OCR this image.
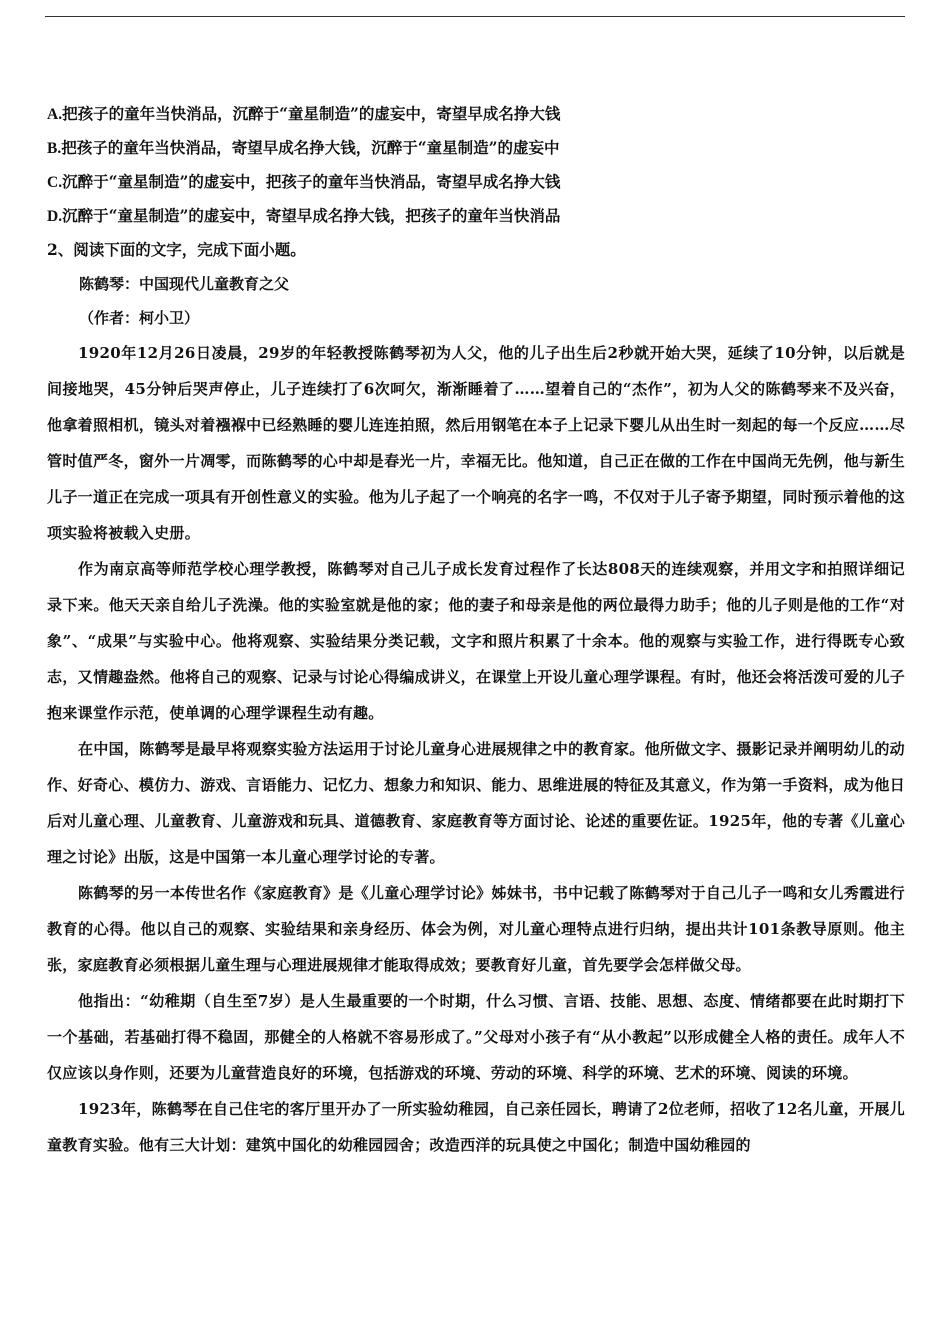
A.把孩子的童年当快消品，沉醉于“童星制造”的虚妄中，寄望早成名挣大钱
B.把孩子的童年当快消品，寄望早成名挣大钱，沉醉于“童星制造”的虚妄中
C.沉醉于“童星制造”的虚妄中，把孩子的童年当快消品，寄望早成名挣大钱
D.沉醉于“童星制造”的虚妄中，寄望早成名挣大钱，把孩子的童年当快消品
2、阅读下面的文字，完成下面小题。
陈鹤琴：中国现代儿童教育之父
（作者：柯小卫）

1920年12月26日凌晨，29岁的年轻教授陈鹤琴初为人父，他的儿子出生后2秒就开始大哭，延续了10分钟，以后就是间接地哭，45分钟后哭声停止，儿子连续打了6次呵欠，渐渐睡着了……望着自己的“杰作”，初为人父的陈鹤琴来不及兴奋，他拿着照相机，镜头对着襁褓中已经熟睡的婴儿连连拍照，然后用钢笔在本子上记录下婴儿从出生时一刻起的每一个反应……尽管时值严冬，窗外一片凋零，而陈鹤琴的心中却是春光一片，幸福无比。他知道，自己正在做的工作在中国尚无先例，他与新生儿子一道正在完成一项具有开创性意义的实验。他为儿子起了一个响亮的名字一鸣，不仅对于儿子寄予期望，同时预示着他的这项实验将被载入史册。

作为南京高等师范学校心理学教授，陈鹤琴对自己儿子成长发育过程作了长达808天的连续观察，并用文字和拍照详细记录下来。他天天亲自给儿子洗澡。他的实验室就是他的家；他的妻子和母亲是他的两位最得力助手；他的儿子则是他的工作“对象”、“成果”与实验中心。他将观察、实验结果分类记载，文字和照片积累了十余本。他的观察与实验工作，进行得既专心致志，又情趣盎然。他将自己的观察、记录与讨论心得编成讲义，在课堂上开设儿童心理学课程。有时，他还会将活泼可爱的儿子抱来课堂作示范，使单调的心理学课程生动有趣。

在中国，陈鹤琴是最早将观察实验方法运用于讨论儿童身心进展规律之中的教育家。他所做文字、摄影记录并阐明幼儿的动作、好奇心、模仿力、游戏、言语能力、记忆力、想象力和知识、能力、思维进展的特征及其意义，作为第一手资料，成为他日后对儿童心理、儿童教育、儿童游戏和玩具、道德教育、家庭教育等方面讨论、论述的重要佐证。1925年，他的专著《儿童心理之讨论》出版，这是中国第一本儿童心理学讨论的专著。

陈鹤琴的另一本传世名作《家庭教育》是《儿童心理学讨论》姊妹书，书中记载了陈鹤琴对于自己儿子一鸣和女儿秀霞进行教育的心得。他以自己的观察、实验结果和亲身经历、体会为例，对儿童心理特点进行归纳，提出共计101条教导原则。他主张，家庭教育必须根据儿童生理与心理进展规律才能取得成效；要教育好儿童，首先要学会怎样做父母。

他指出：“幼稚期（自生至7岁）是人生最重要的一个时期，什么习惯、言语、技能、思想、态度、情绪都要在此时期打下一个基础，若基础打得不稳固，那健全的人格就不容易形成了。”父母对小孩子有“从小教起”以形成健全人格的责任。成年人不仅应该以身作则，还要为儿童营造良好的环境，包括游戏的环境、劳动的环境、科学的环境、艺术的环境、阅读的环境。

1923年，陈鹤琴在自己住宅的客厅里开办了一所实验幼稚园，自己亲任园长，聘请了2位老师，招收了12名儿童，开展儿童教育实验。他有三大计划：建筑中国化的幼稚园园舍；改造西洋的玩具使之中国化；制造中国幼稚园的
